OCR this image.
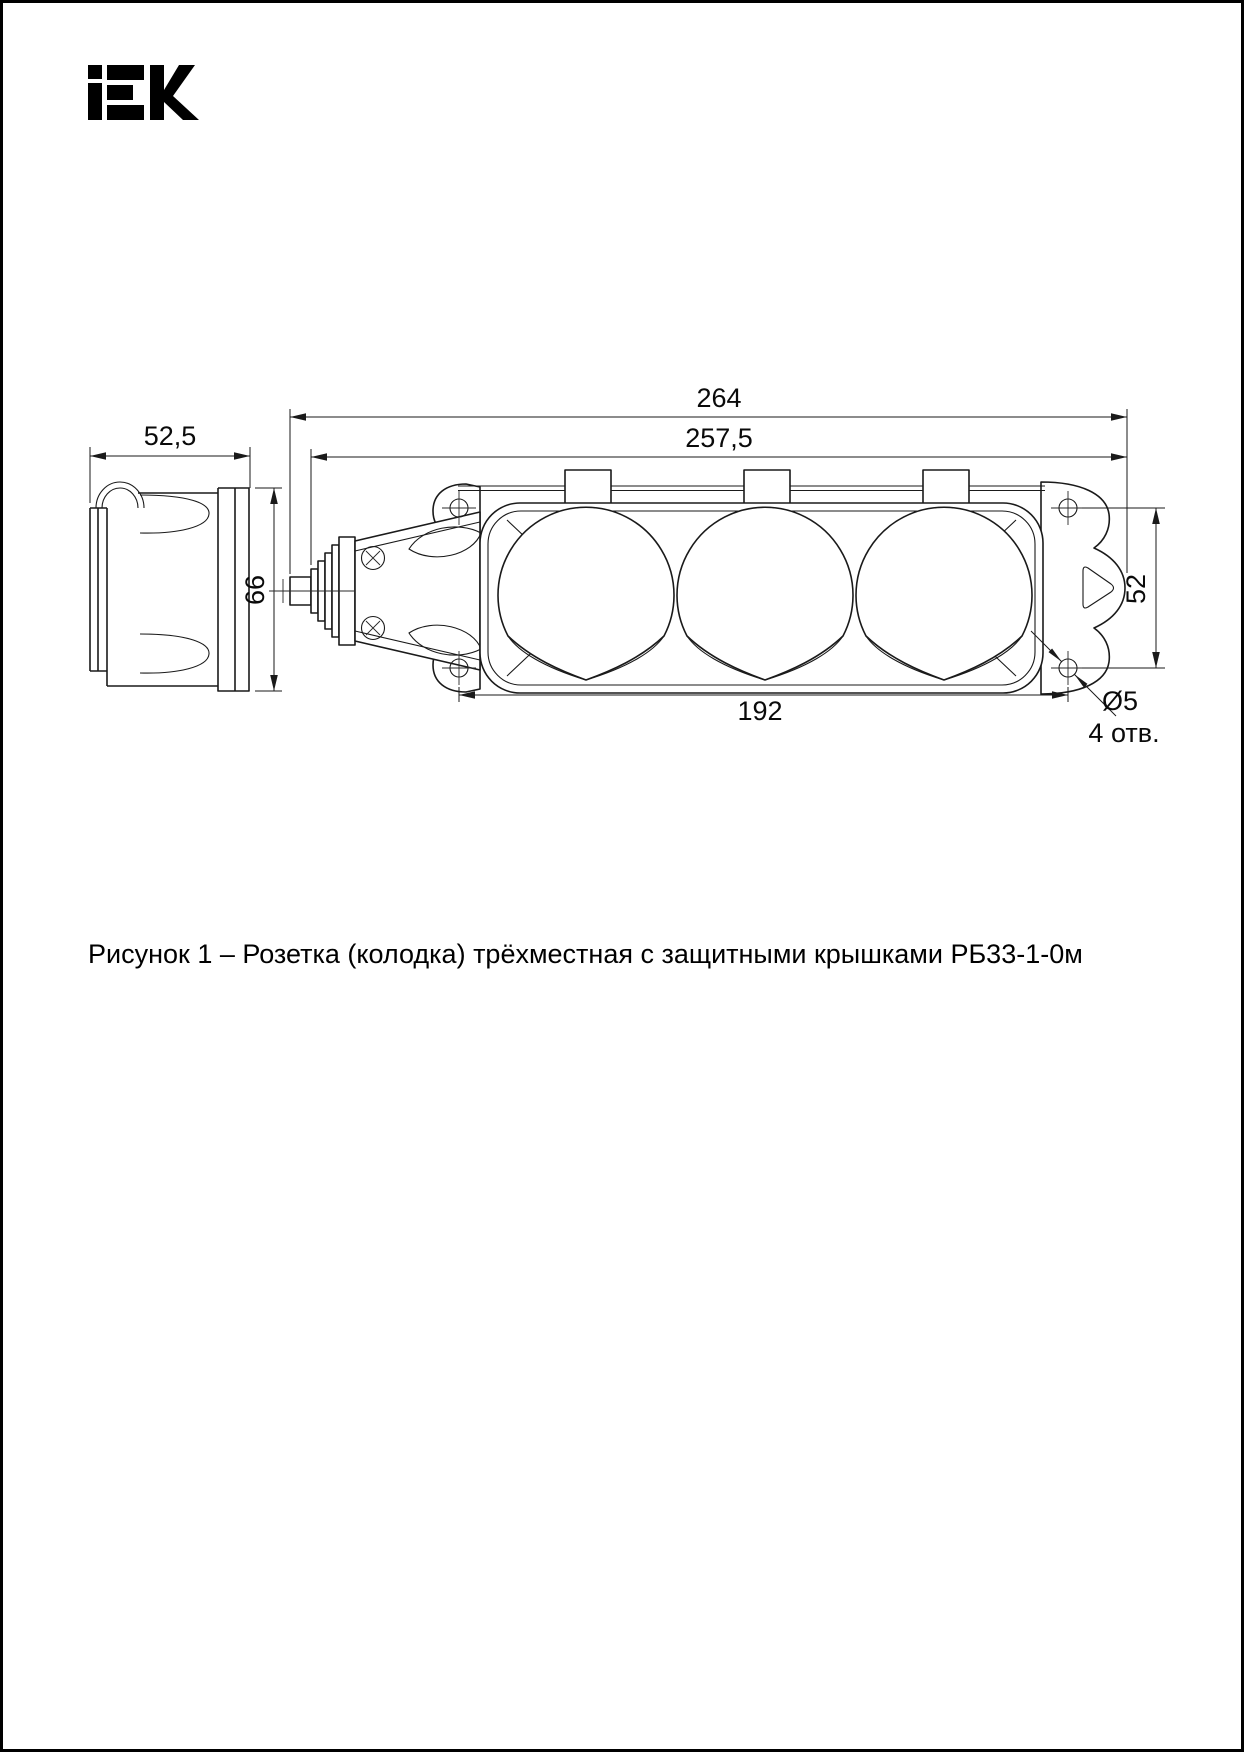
52,5
66
264
257,5
52
192	Ø5
4 отв.
Рисунок 1 – Розетка (колодка) трёхместная с защитными крышками РБ33-1-0м
